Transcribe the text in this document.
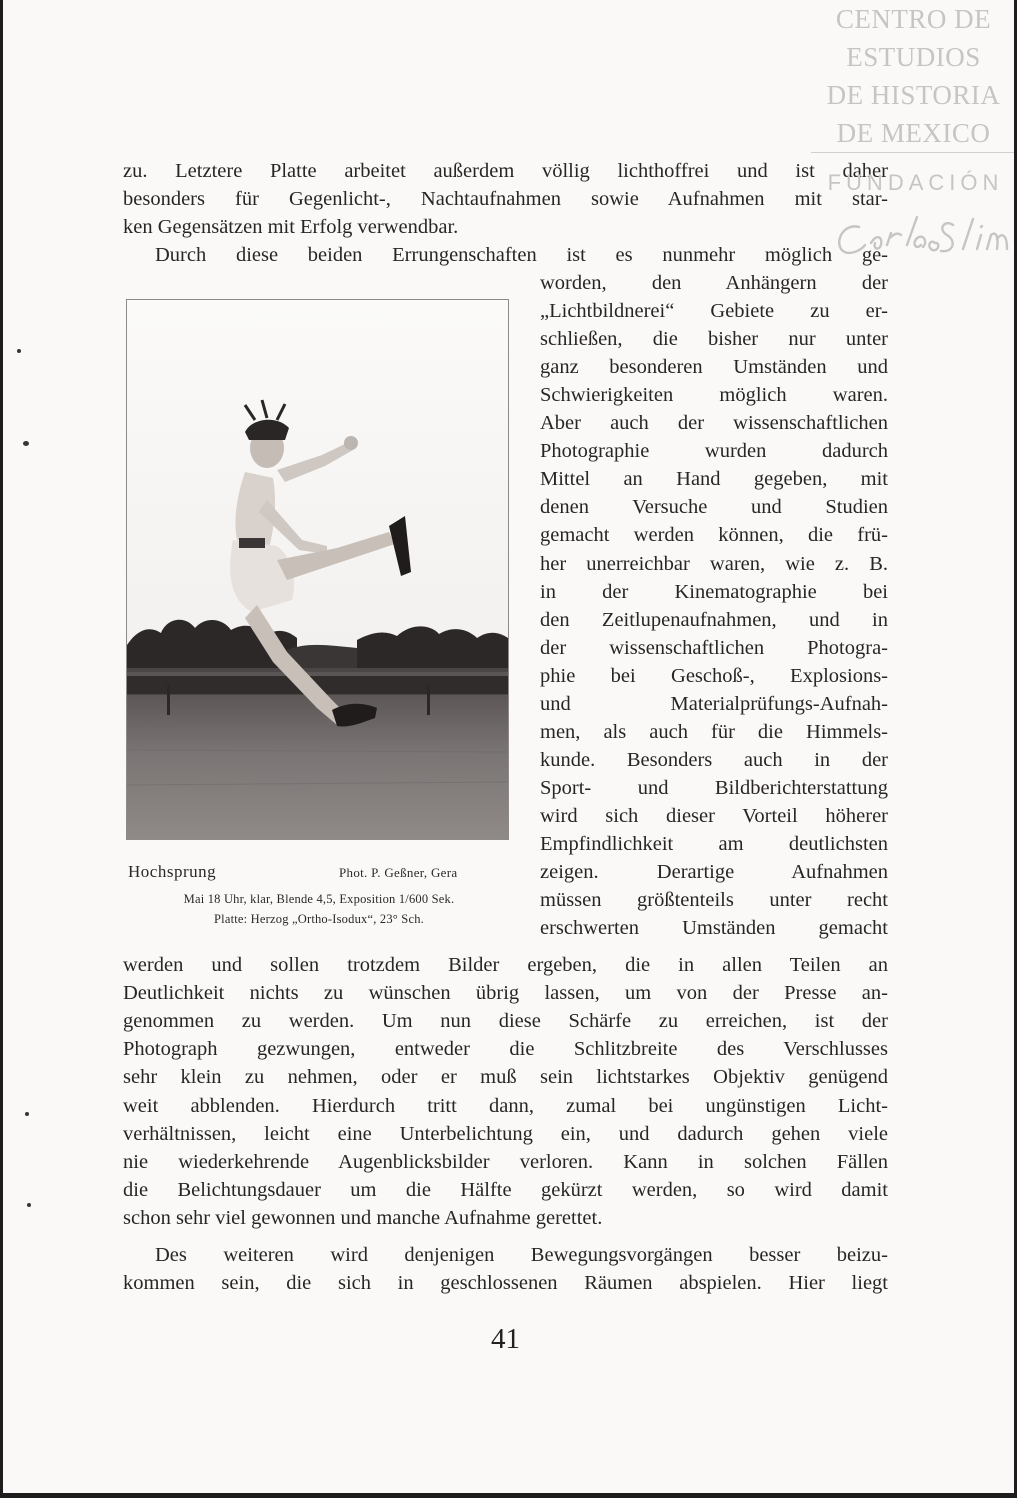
zu. Letztere Platte arbeitet außerdem völlig lichthoffrei und ist daher
besonders für Gegenlicht-, Nachtaufnahmen sowie Aufnahmen mit star-
ken Gegensätzen mit Erfolg verwendbar.
Durch diese beiden Errungenschaften ist es nunmehr möglich ge-
worden, den Anhängern der
„Lichtbildnerei“ Gebiete zu er-
schließen, die bisher nur unter
ganz besonderen Umständen und
Schwierigkeiten möglich waren.
Aber auch der wissenschaftlichen
Photographie wurden dadurch
Mittel an Hand gegeben, mit
denen Versuche und Studien
gemacht werden können, die frü-
her unerreichbar waren, wie z. B.
in der Kinematographie bei
den Zeitlupenaufnahmen, und in
der wissenschaftlichen Photogra-
phie bei Geschoß-, Explosions-
und Materialprüfungs-Aufnah-
men, als auch für die Himmels-
kunde. Besonders auch in der
Sport- und Bildberichterstattung
wird sich dieser Vorteil höherer
Empfindlichkeit am deutlichsten
zeigen. Derartige Aufnahmen
müssen größtenteils unter recht
erschwerten Umständen gemacht
werden und sollen trotzdem Bilder ergeben, die in allen Teilen an
Deutlichkeit nichts zu wünschen übrig lassen, um von der Presse an-
genommen zu werden. Um nun diese Schärfe zu erreichen, ist der
Photograph gezwungen, entweder die Schlitzbreite des Verschlusses
sehr klein zu nehmen, oder er muß sein lichtstarkes Objektiv genügend
weit abblenden. Hierdurch tritt dann, zumal bei ungünstigen Licht-
verhältnissen, leicht eine Unterbelichtung ein, und dadurch gehen viele
nie wiederkehrende Augenblicksbilder verloren. Kann in solchen Fällen
die Belichtungsdauer um die Hälfte gekürzt werden, so wird damit
schon sehr viel gewonnen und manche Aufnahme gerettet.
Des weiteren wird denjenigen Bewegungsvorgängen besser beizu-
kommen sein, die sich in geschlossenen Räumen abspielen. Hier liegt
Hochsprung	Phot. P. Geßner, Gera
Mai 18 Uhr, klar, Blende 4,5, Exposition 1/600 Sek.
Platte: Herzog „Ortho-Isodux“, 23° Sch.
41
CENTRO DE
ESTUDIOS
DE HISTORIA
DE MEXICO
FUNDACIÓN
